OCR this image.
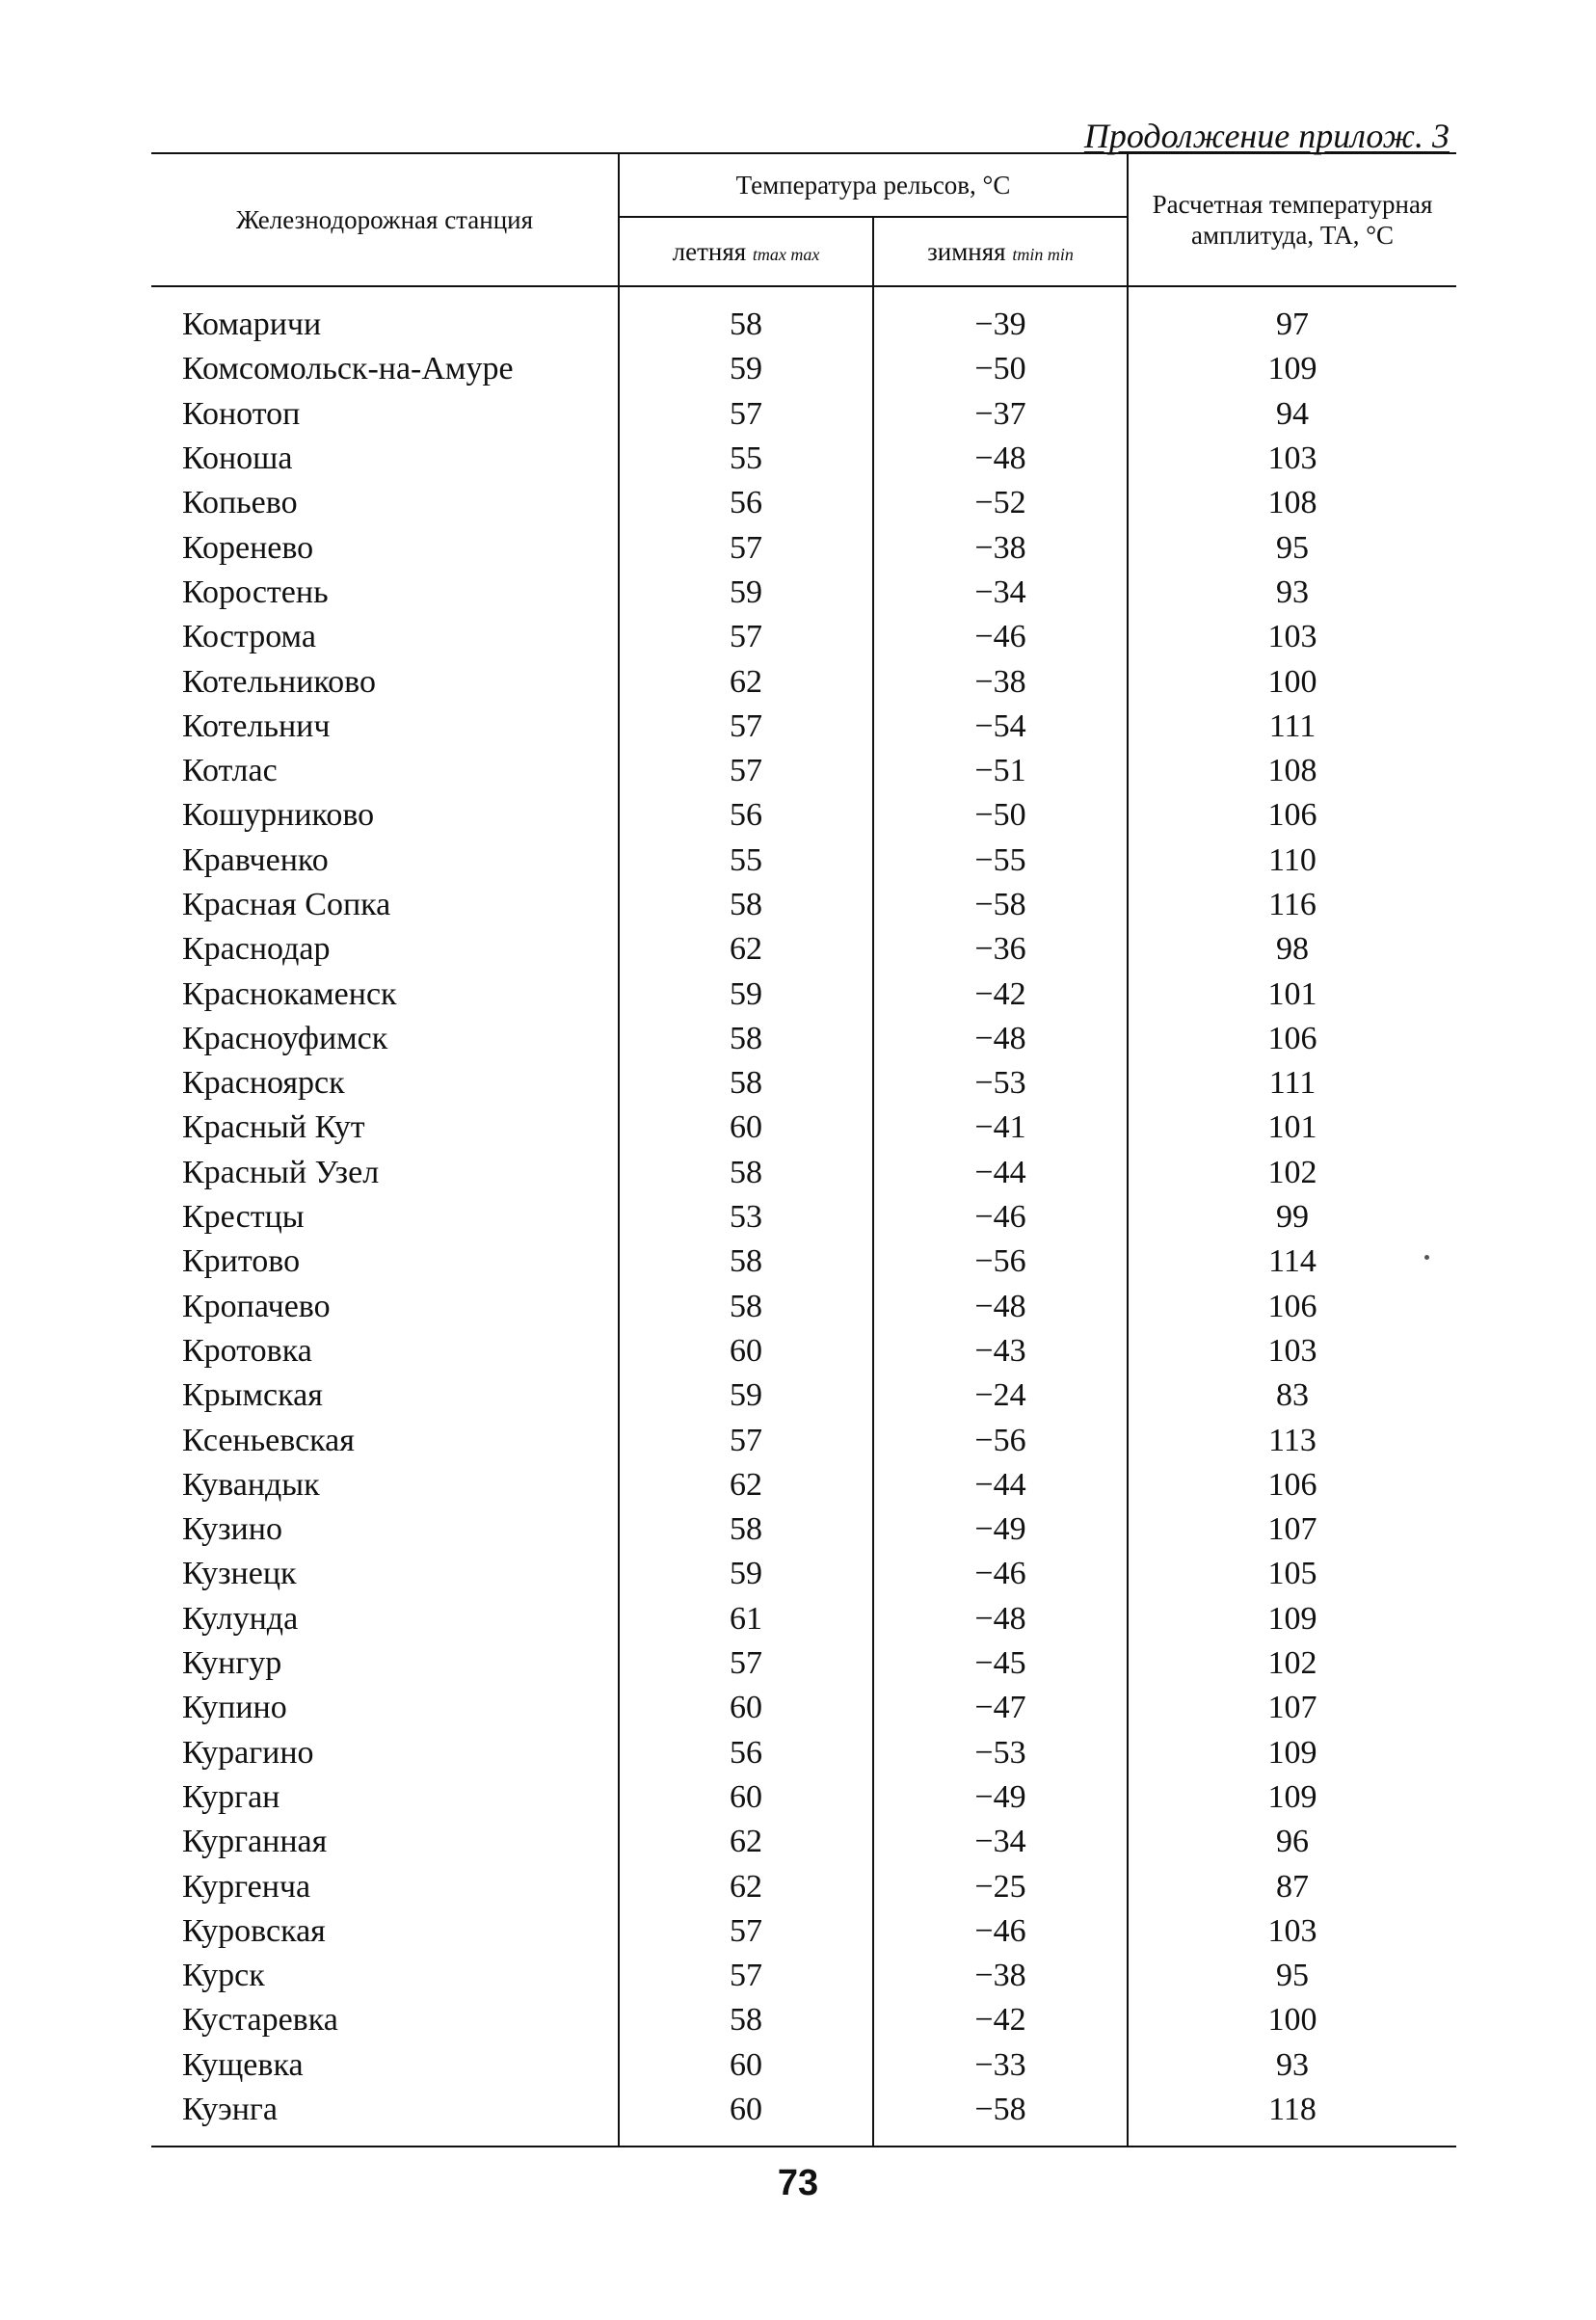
Продолжение прилож. 3

Железнодорожная станция	Температура рельсов, °C		Расчетная температурная амплитуда, TA, °C
	летняя tmax max	зимняя tmin min	

Комаричи	58	−39	97
Комсомольск-на-Амуре	59	−50	109
Конотоп	57	−37	94
Коноша	55	−48	103
Копьево	56	−52	108
Коренево	57	−38	95
Коростень	59	−34	93
Кострома	57	−46	103
Котельниково	62	−38	100
Котельнич	57	−54	111
Котлас	57	−51	108
Кошурниково	56	−50	106
Кравченко	55	−55	110
Красная Сопка	58	−58	116
Краснодар	62	−36	98
Краснокаменск	59	−42	101
Красноуфимск	58	−48	106
Красноярск	58	−53	111
Красный Кут	60	−41	101
Красный Узел	58	−44	102
Крестцы	53	−46	99
Критово	58	−56	114
Кропачево	58	−48	106
Кротовка	60	−43	103
Крымская	59	−24	83
Ксеньевская	57	−56	113
Кувандык	62	−44	106
Кузино	58	−49	107
Кузнецк	59	−46	105
Кулунда	61	−48	109
Кунгур	57	−45	102
Купино	60	−47	107
Курагино	56	−53	109
Курган	60	−49	109
Курганная	62	−34	96
Кургенча	62	−25	87
Куровская	57	−46	103
Курск	57	−38	95
Кустаревка	58	−42	100
Кущевка	60	−33	93
Куэнга	60	−58	118

73
